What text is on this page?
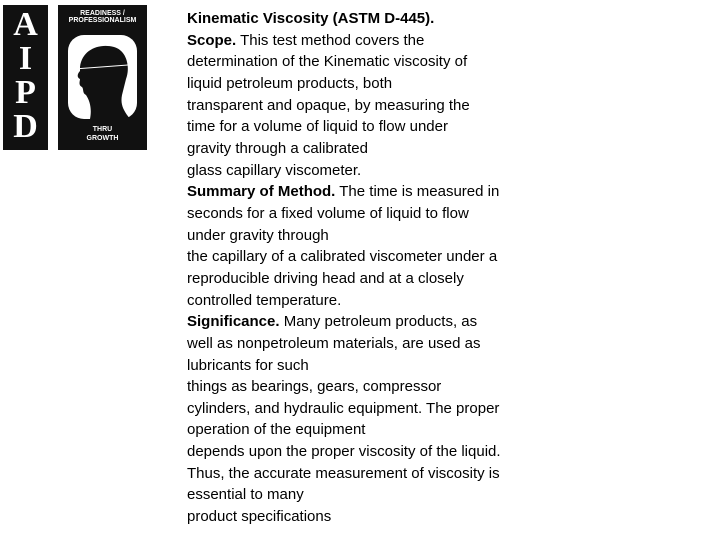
A
I
P
D
READINESS /
PROFESSIONALISM
THRU
GROWTH
Kinematic Viscosity (ASTM D-445).
Scope. This test method covers the
determination of the Kinematic viscosity of
liquid petroleum products, both
transparent and opaque, by measuring the
time for a volume of liquid to flow under
gravity through a calibrated
glass capillary viscometer.
Summary of Method. The time is measured in
seconds for a fixed volume of liquid to flow
under gravity through
the capillary of a calibrated viscometer under a
reproducible driving head and at a closely
controlled temperature.
Significance. Many petroleum products, as
well as nonpetroleum materials, are used as
lubricants for such
things as bearings, gears, compressor
cylinders, and hydraulic equipment. The proper
operation of the equipment
depends upon the proper viscosity of the liquid.
Thus, the accurate measurement of viscosity is
essential to many
product specifications
